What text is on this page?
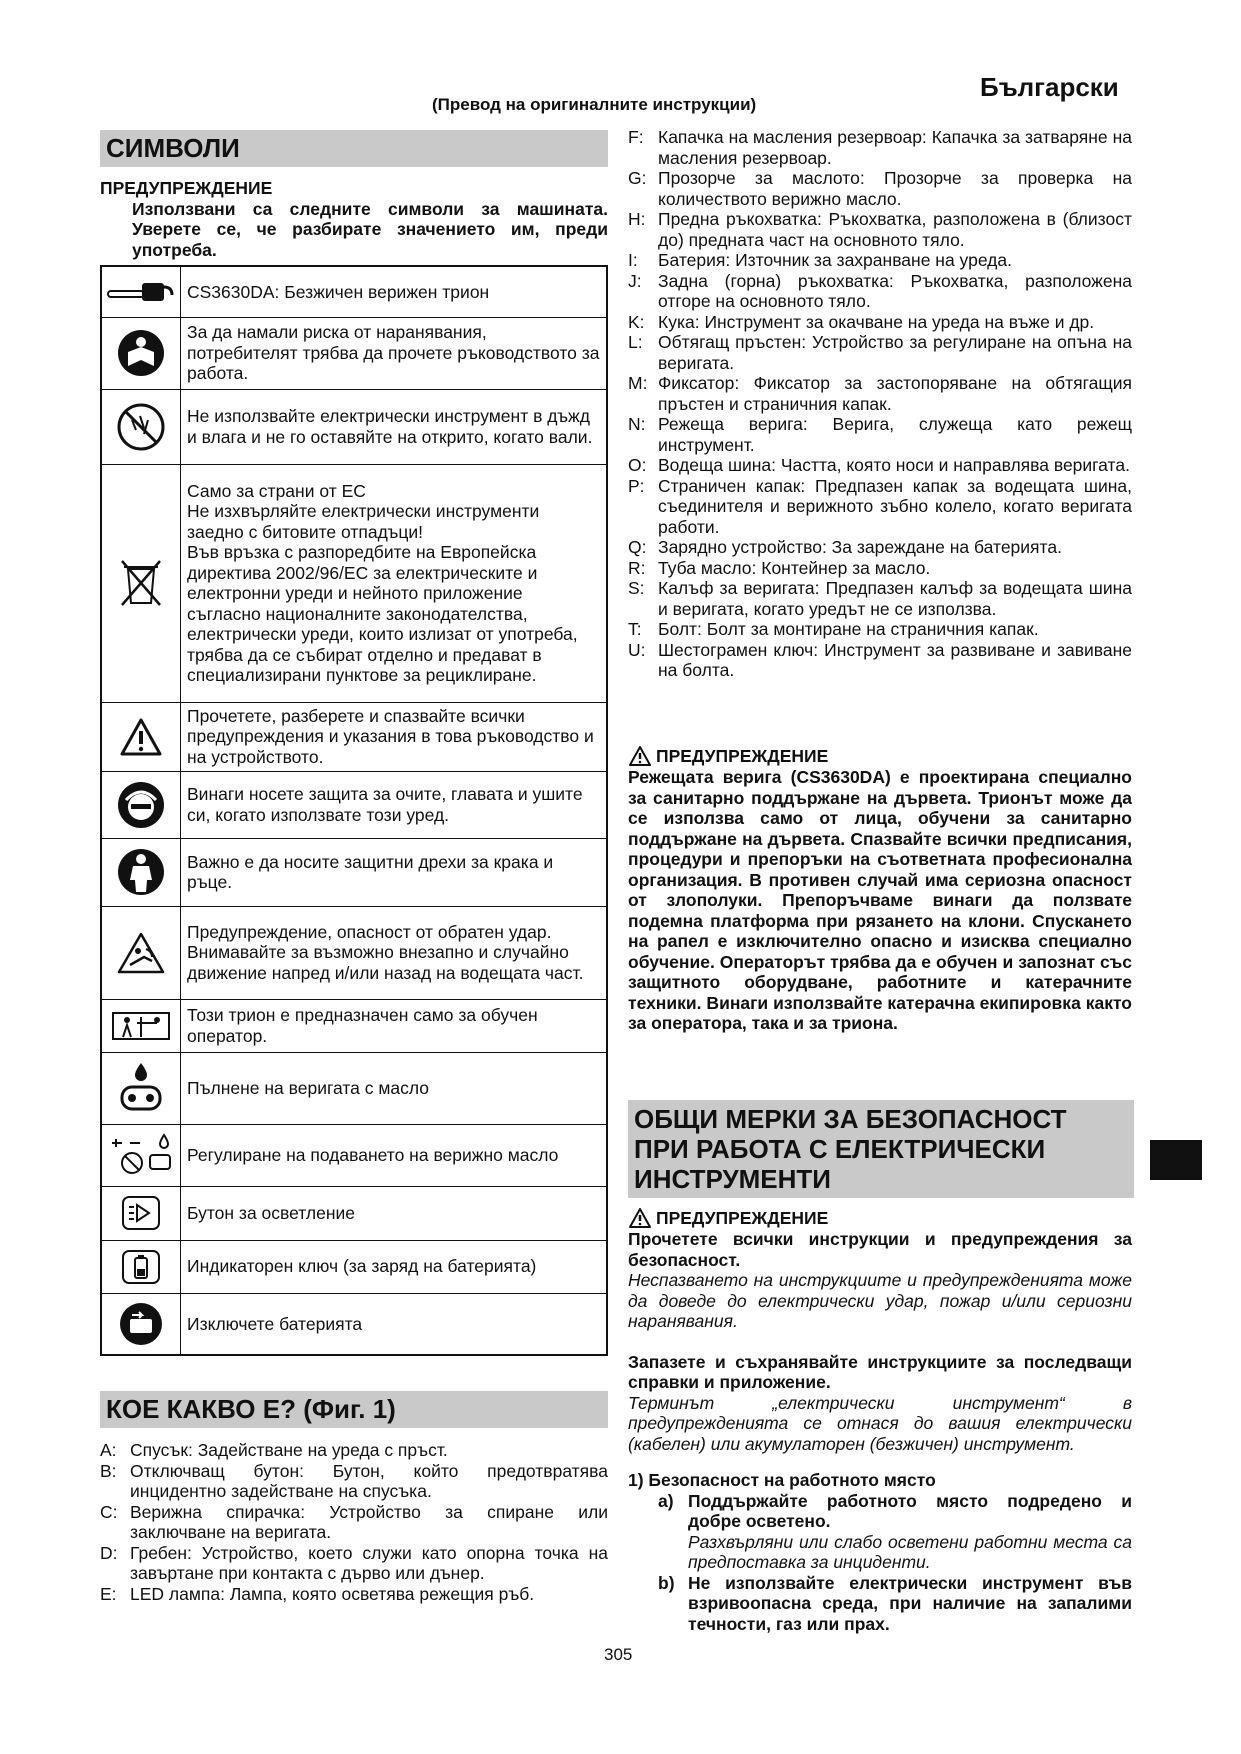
Български
(Превод на оригиналните инструкции)
СИМВОЛИ
ПРЕДУПРЕЖДЕНИЕ
Използвани са следните символи за машината. Уверете се, че разбирате значението им, преди употреба.
	CS3630DA: Безжичен верижен трион

	За да намали риска от наранявания, потребителят трябва да прочете ръководството за работа.

	Не използвайте електрически инструмент в дъжд и влага и не го оставяйте на открито, когато вали.

	Само за страни от ЕС
Не изхвърляйте електрически инструменти заедно с битовите отпадъци!
Във връзка с разпоредбите на Европейска директива 2002/96/ЕС за електрическите и електронни уреди и нейното приложение съгласно националните законодателства, електрически уреди, които излизат от употреба, трябва да се събират отделно и предават в специализирани пунктове за рециклиране.

	Прочетете, разберете и спазвайте всички предупреждения и указания в това ръководство и на устройството.

	Винаги носете защита за очите, главата и ушите си, когато използвате този уред.

	Важно е да носите защитни дрехи за крака и ръце.

	Предупреждение, опасност от обратен удар. Внимавайте за възможно внезапно и случайно движение напред и/или назад на водещата част.

	Този трион е предназначен само за обучен оператор.

	Пълнене на веригата с масло

	Регулиране на подаването на верижно масло

	Бутон за осветление

	Индикаторен ключ (за заряд на батерията)

	Изключете батерията
КОЕ КАКВО Е? (Фиг. 1)
A: Спусък: Задействане на уреда с пръст.
B: Отключващ бутон: Бутон, който предотвратява инцидентно задействане на спусъка.
C: Верижна спирачка: Устройство за спиране или заключване на веригата.
D: Гребен: Устройство, което служи като опорна точка на завъртане при контакта с дърво или дънер.
E: LED лампа: Лампа, която осветява режещия ръб.
305
F: Капачка на масления резервоар: Капачка за затваряне на масления резервоар.
G: Прозорче за маслото: Прозорче за проверка на количеството верижно масло.
H: Предна ръкохватка: Ръкохватка, разположена в (близост до) предната част на основното тяло.
I:	Батерия: Източник за захранване на уреда.
J: Задна (горна) ръкохватка: Ръкохватка, разположена отгоре на основното тяло.
K: Кука: Инструмент за окачване на уреда на въже и др.
L: Обтягащ пръстен: Устройство за регулиране на опъна на веригата.
M: Фиксатор: Фиксатор за застопоряване на обтягащия пръстен и страничния капак.
N: Режеща верига: Верига, служеща като режещ инструмент.
O: Водеща шина: Частта, която носи и направлява веригата.
P: Страничен капак: Предпазен капак за водещата шина, съединителя и верижното зъбно колело, когато веригата работи.
Q: Зарядно устройство: За зареждане на батерията.
R: Туба масло: Контейнер за масло.
S: Калъф за веригата: Предпазен калъф за водещата шина и веригата, когато уредът не се използва.
T: Болт: Болт за монтиране на страничния капак.
U: Шестограмен ключ: Инструмент за развиване и завиване на болта.
ПРЕДУПРЕЖДЕНИЕ
Режещата верига (CS3630DA) е проектирана специално за санитарно поддържане на дървета. Трионът може да се използва само от лица, обучени за санитарно поддържане на дървета. Спазвайте всички предписания, процедури и препоръки на съответната професионална организация. В противен случай има сериозна опасност от злополуки. Препоръчваме винаги да ползвате подемна платформа при рязането на клони. Спускането на рапел е изключително опасно и изисква специално обучение. Операторът трябва да е обучен и запознат със защитното оборудване, работните и катерачните техники. Винаги използвайте катерачна екипировка както за оператора, така и за триона.
ОБЩИ МЕРКИ ЗА БЕЗОПАСНОСТ ПРИ РАБОТА С ЕЛЕКТРИЧЕСКИ ИНСТРУМЕНТИ
ПРЕДУПРЕЖДЕНИЕ
Прочетете всички инструкции и предупреждения за безопасност.
Неспазването на инструкциите и предупрежденията може да доведе до електрически удар, пожар и/или сериозни наранявания.
Запазете и съхранявайте инструкциите за последващи справки и приложение.
Терминът „електрически инструмент“ в предупрежденията се отнася до вашия електрически (кабелен) или акумулаторен (безжичен) инструмент.
1) Безопасност на работното място
a) Поддържайте работното място подредено и добре осветено.
Разхвърляни или слабо осветени работни места са предпоставка за инциденти.
b) Не използвайте електрически инструмент във взривоопасна среда, при наличие на запалими течности, газ или прах.
